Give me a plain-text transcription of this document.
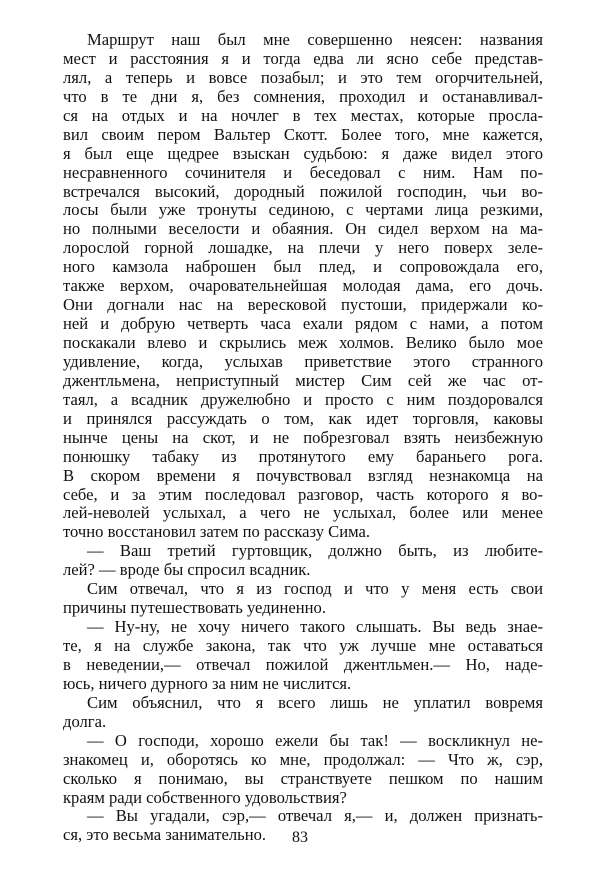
Маршрут наш был мне совершенно неясен: названия
мест и расстояния я и тогда едва ли ясно себе представ-
лял, а теперь и вовсе позабыл; и это тем огорчительней,
что в те дни я, без сомнения, проходил и останавливал-
ся на отдых и на ночлег в тех местах, которые просла-
вил своим пером Вальтер Скотт. Более того, мне кажется,
я был еще щедрее взыскан судьбою: я даже видел этого
несравненного сочинителя и беседовал с ним. Нам по-
встречался высокий, дородный пожилой господин, чьи во-
лосы были уже тронуты сединою, с чертами лица резкими,
но полными веселости и обаяния. Он сидел верхом на ма-
лорослой горной лошадке, на плечи у него поверх зеле-
ного камзола наброшен был плед, и сопровождала его,
также верхом, очаровательнейшая молодая дама, его дочь.
Они догнали нас на вересковой пустоши, придержали ко-
ней и добрую четверть часа ехали рядом с нами, а потом
поскакали влево и скрылись меж холмов. Велико было мое
удивление, когда, услыхав приветствие этого странного
джентльмена, неприступный мистер Сим сей же час от-
таял, а всадник дружелюбно и просто с ним поздоровался
и принялся рассуждать о том, как идет торговля, каковы
нынче цены на скот, и не побрезговал взять неизбежную
понюшку табаку из протянутого ему бараньего рога.
В скором времени я почувствовал взгляд незнакомца на
себе, и за этим последовал разговор, часть которого я во-
лей-неволей услыхал, а чего не услыхал, более или менее
точно восстановил затем по рассказу Сима.
— Ваш третий гуртовщик, должно быть, из любите-
лей? — вроде бы спросил всадник.
Сим отвечал, что я из господ и что у меня есть свои
причины путешествовать уединенно.
— Ну-ну, не хочу ничего такого слышать. Вы ведь знае-
те, я на службе закона, так что уж лучше мне оставаться
в неведении,— отвечал пожилой джентльмен.— Но, наде-
юсь, ничего дурного за ним не числится.
Сим объяснил, что я всего лишь не уплатил вовремя
долга.
— О господи, хорошо ежели бы так! — воскликнул не-
знакомец и, оборотясь ко мне, продолжал: — Что ж, сэр,
сколько я понимаю, вы странствуете пешком по нашим
краям ради собственного удовольствия?
— Вы угадали, сэр,— отвечал я,— и, должен признать-
ся, это весьма занимательно.	83
